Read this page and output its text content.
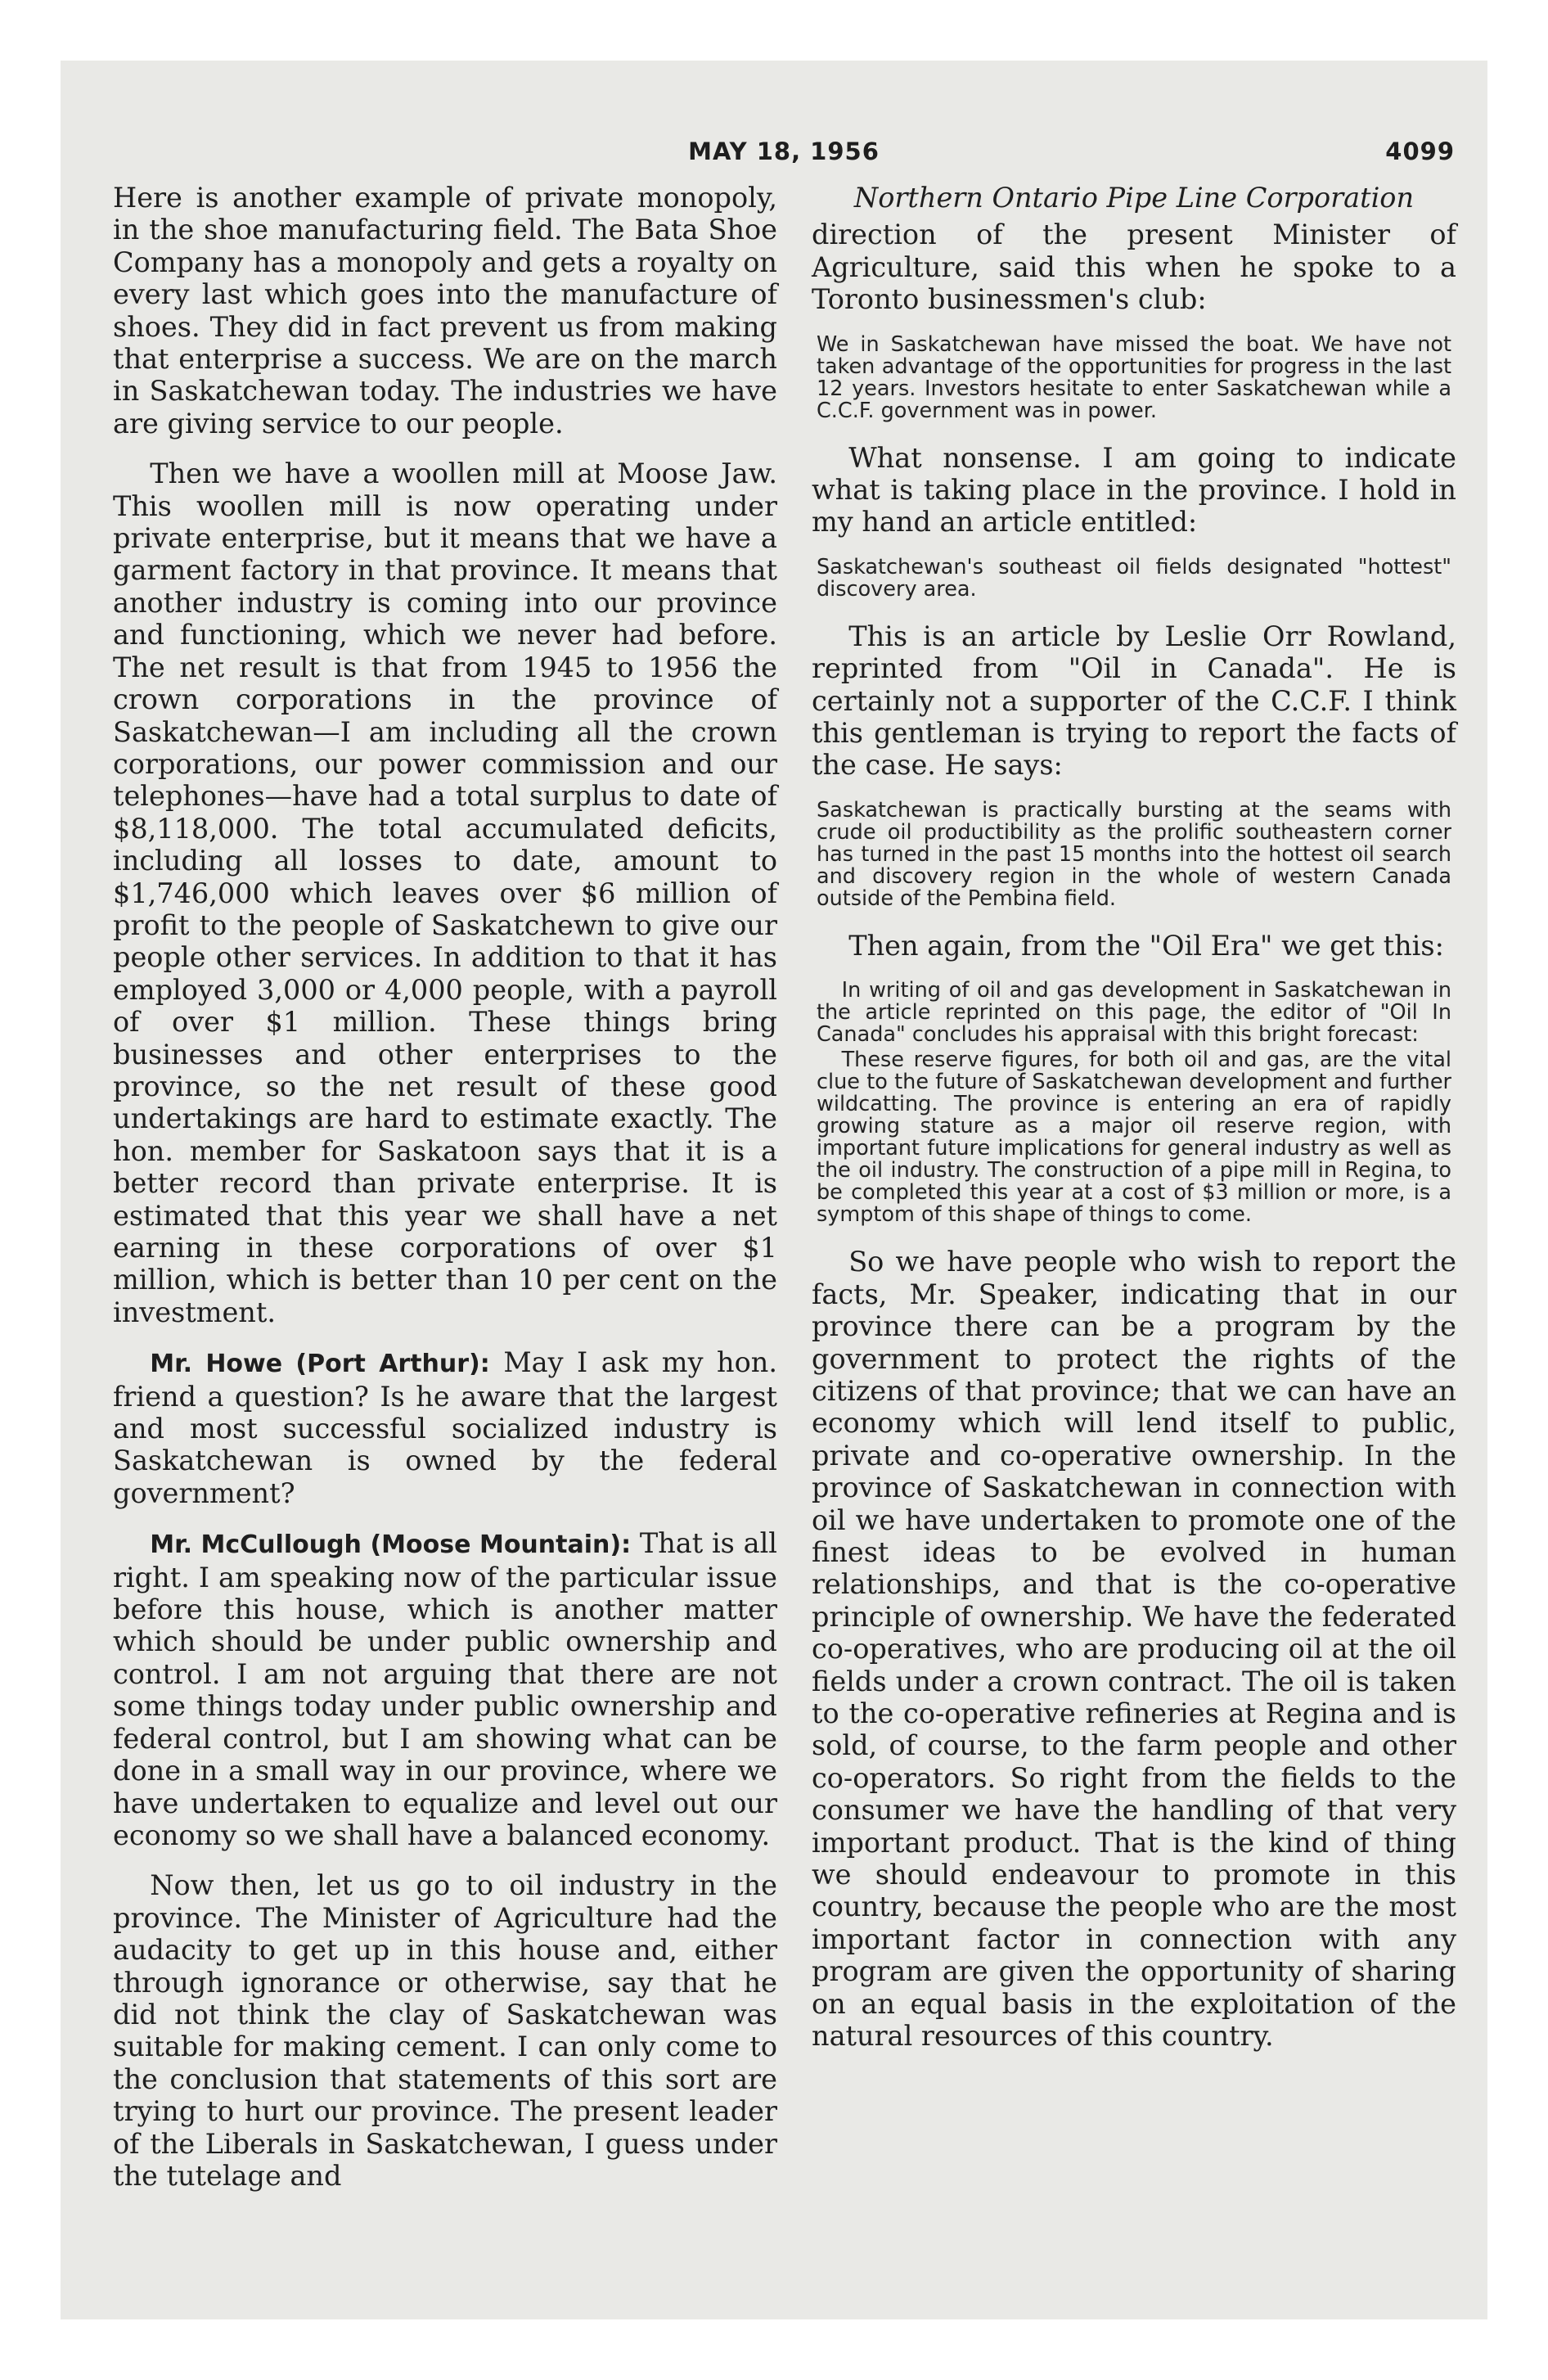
MAY 18, 1956	4099

Here is another example of private monopoly, in the shoe manufacturing field. The Bata Shoe Company has a monopoly and gets a royalty on every last which goes into the manufacture of shoes. They did in fact prevent us from making that enterprise a success. We are on the march in Saskatchewan today. The industries we have are giving service to our people.

Then we have a woollen mill at Moose Jaw. This woollen mill is now operating under private enterprise, but it means that we have a garment factory in that province. It means that another industry is coming into our province and functioning, which we never had before. The net result is that from 1945 to 1956 the crown corporations in the province of Saskatchewan—I am including all the crown corporations, our power commission and our telephones—have had a total surplus to date of $8,118,000. The total accumulated deficits, including all losses to date, amount to $1,746,000 which leaves over $6 million of profit to the people of Saskatchewn to give our people other services. In addition to that it has employed 3,000 or 4,000 people, with a payroll of over $1 million. These things bring businesses and other enterprises to the province, so the net result of these good undertakings are hard to estimate exactly. The hon. member for Saskatoon says that it is a better record than private enterprise. It is estimated that this year we shall have a net earning in these corporations of over $1 million, which is better than 10 per cent on the investment.

Mr. Howe (Port Arthur): May I ask my hon. friend a question? Is he aware that the largest and most successful socialized industry is Saskatchewan is owned by the federal government?

Mr. McCullough (Moose Mountain): That is all right. I am speaking now of the particular issue before this house, which is another matter which should be under public ownership and control. I am not arguing that there are not some things today under public ownership and federal control, but I am showing what can be done in a small way in our province, where we have undertaken to equalize and level out our economy so we shall have a balanced economy.

Now then, let us go to oil industry in the province. The Minister of Agriculture had the audacity to get up in this house and, either through ignorance or otherwise, say that he did not think the clay of Saskatchewan was suitable for making cement. I can only come to the conclusion that statements of this sort are trying to hurt our province. The present leader of the Liberals in Saskatchewan, I guess under the tutelage and

Northern Ontario Pipe Line Corporation

direction of the present Minister of Agriculture, said this when he spoke to a Toronto businessmen's club:

We in Saskatchewan have missed the boat. We have not taken advantage of the opportunities for progress in the last 12 years. Investors hesitate to enter Saskatchewan while a C.C.F. government was in power.

What nonsense. I am going to indicate what is taking place in the province. I hold in my hand an article entitled:

Saskatchewan's southeast oil fields designated "hottest" discovery area.

This is an article by Leslie Orr Rowland, reprinted from "Oil in Canada". He is certainly not a supporter of the C.C.F. I think this gentleman is trying to report the facts of the case. He says:

Saskatchewan is practically bursting at the seams with crude oil productibility as the prolific southeastern corner has turned in the past 15 months into the hottest oil search and discovery region in the whole of western Canada outside of the Pembina field.

Then again, from the "Oil Era" we get this:

In writing of oil and gas development in Saskatchewan in the article reprinted on this page, the editor of "Oil In Canada" concludes his appraisal with this bright forecast:
These reserve figures, for both oil and gas, are the vital clue to the future of Saskatchewan development and further wildcatting. The province is entering an era of rapidly growing stature as a major oil reserve region, with important future implications for general industry as well as the oil industry. The construction of a pipe mill in Regina, to be completed this year at a cost of $3 million or more, is a symptom of this shape of things to come.

So we have people who wish to report the facts, Mr. Speaker, indicating that in our province there can be a program by the government to protect the rights of the citizens of that province; that we can have an economy which will lend itself to public, private and co-operative ownership. In the province of Saskatchewan in connection with oil we have undertaken to promote one of the finest ideas to be evolved in human relationships, and that is the co-operative principle of ownership. We have the federated co-operatives, who are producing oil at the oil fields under a crown contract. The oil is taken to the co-operative refineries at Regina and is sold, of course, to the farm people and other co-operators. So right from the fields to the consumer we have the handling of that very important product. That is the kind of thing we should endeavour to promote in this country, because the people who are the most important factor in connection with any program are given the opportunity of sharing on an equal basis in the exploitation of the natural resources of this country.
